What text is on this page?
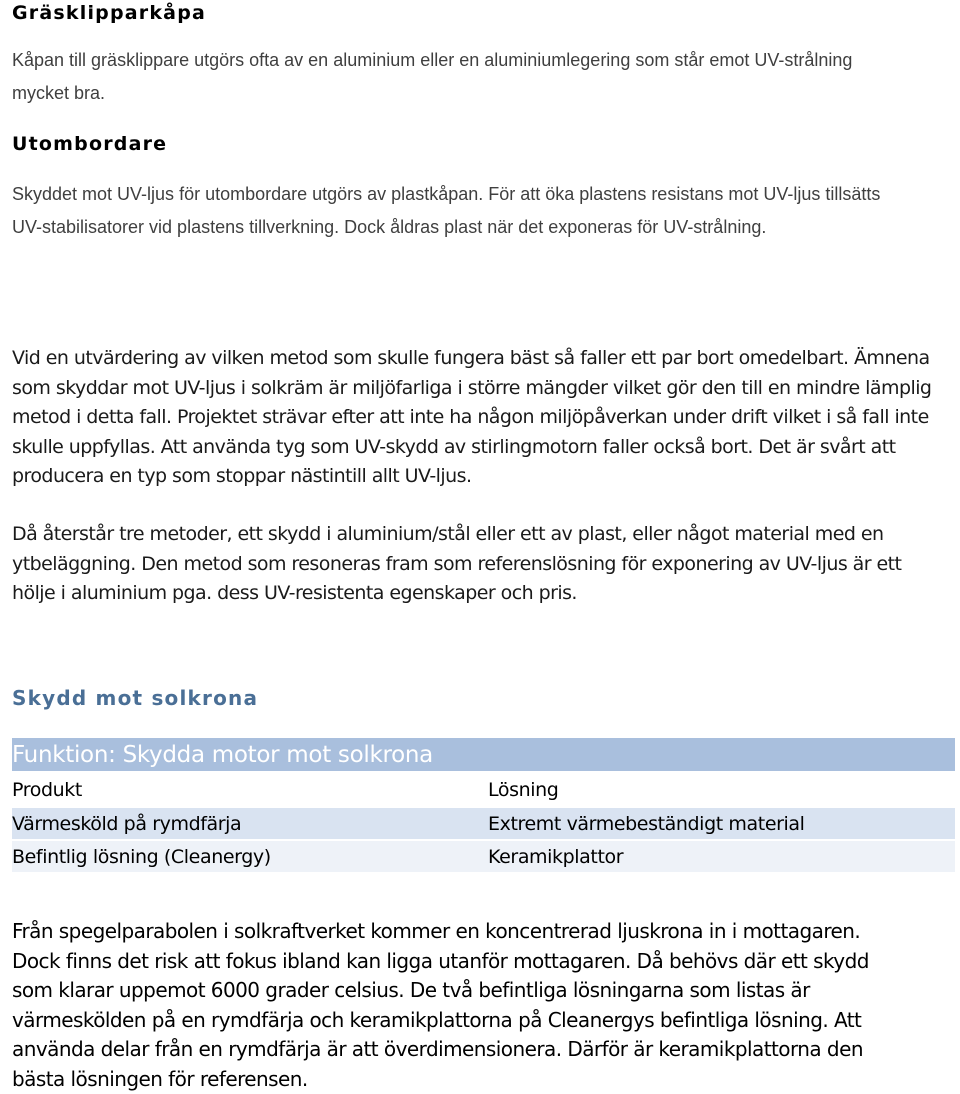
Gräsklipparkåpa

Kåpan till gräsklippare utgörs ofta av en aluminium eller en aluminiumlegering som står emot UV-strålning mycket bra.

Utombordare

Skyddet mot UV-ljus för utombordare utgörs av plastkåpan. För att öka plastens resistans mot UV-ljus tillsätts UV-stabilisatorer vid plastens tillverkning. Dock åldras plast när det exponeras för UV-strålning.

Vid en utvärdering av vilken metod som skulle fungera bäst så faller ett par bort omedelbart. Ämnena som skyddar mot UV-ljus i solkräm är miljöfarliga i större mängder vilket gör den till en mindre lämplig metod i detta fall. Projektet strävar efter att inte ha någon miljöpåverkan under drift vilket i så fall inte skulle uppfyllas. Att använda tyg som UV-skydd av stirlingmotorn faller också bort. Det är svårt att producera en typ som stoppar nästintill allt UV-ljus.

Då återstår tre metoder, ett skydd i aluminium/stål eller ett av plast, eller något material med en ytbeläggning. Den metod som resoneras fram som referenslösning för exponering av UV-ljus är ett hölje i aluminium pga. dess UV-resistenta egenskaper och pris.

Skydd mot solkrona
Funktion: Skydda motor mot solkrona	
Produkt	Lösning
Värmesköld på rymdfärja	Extremt värmebeständigt material
Befintlig lösning (Cleanergy)	Keramikplattor

Från spegelparabolen i solkraftverket kommer en koncentrerad ljuskrona in i mottagaren. Dock finns det risk att fokus ibland kan ligga utanför mottagaren. Då behövs där ett skydd som klarar uppemot 6000 grader celsius. De två befintliga lösningarna som listas är värmeskölden på en rymdfärja och keramikplattorna på Cleanergys befintliga lösning. Att använda delar från en rymdfärja är att överdimensionera. Därför är keramikplattorna den bästa lösningen för referensen.
